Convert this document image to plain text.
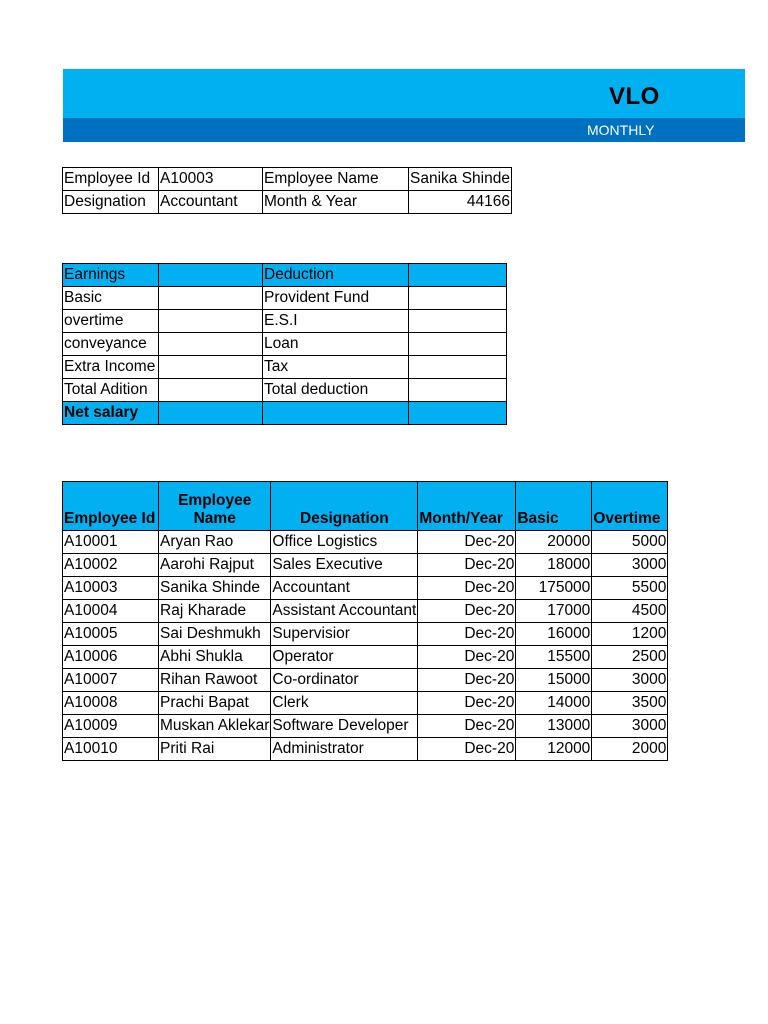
VLO
MONTHLY
Employee Id	A10003	Employee Name	Sanika Shinde
Designation	Accountant	Month & Year	44166
Earnings		Deduction	
Basic		Provident Fund	
overtime		E.S.I	
conveyance		Loan	
Extra Income		Tax	
Total Adition		Total deduction	
Net salary			
Employee Id	Employee Name	Designation	Month/Year	Basic	Overtime
A10001	Aryan Rao	Office Logistics	Dec-20	20000	5000
A10002	Aarohi Rajput	Sales Executive	Dec-20	18000	3000
A10003	Sanika Shinde	Accountant	Dec-20	175000	5500
A10004	Raj Kharade	Assistant Accountant	Dec-20	17000	4500
A10005	Sai Deshmukh	Supervisior	Dec-20	16000	1200
A10006	Abhi Shukla	Operator	Dec-20	15500	2500
A10007	Rihan Rawoot	Co-ordinator	Dec-20	15000	3000
A10008	Prachi Bapat	Clerk	Dec-20	14000	3500
A10009	Muskan Aklekar	Software Developer	Dec-20	13000	3000
A10010	Priti Rai	Administrator	Dec-20	12000	2000
